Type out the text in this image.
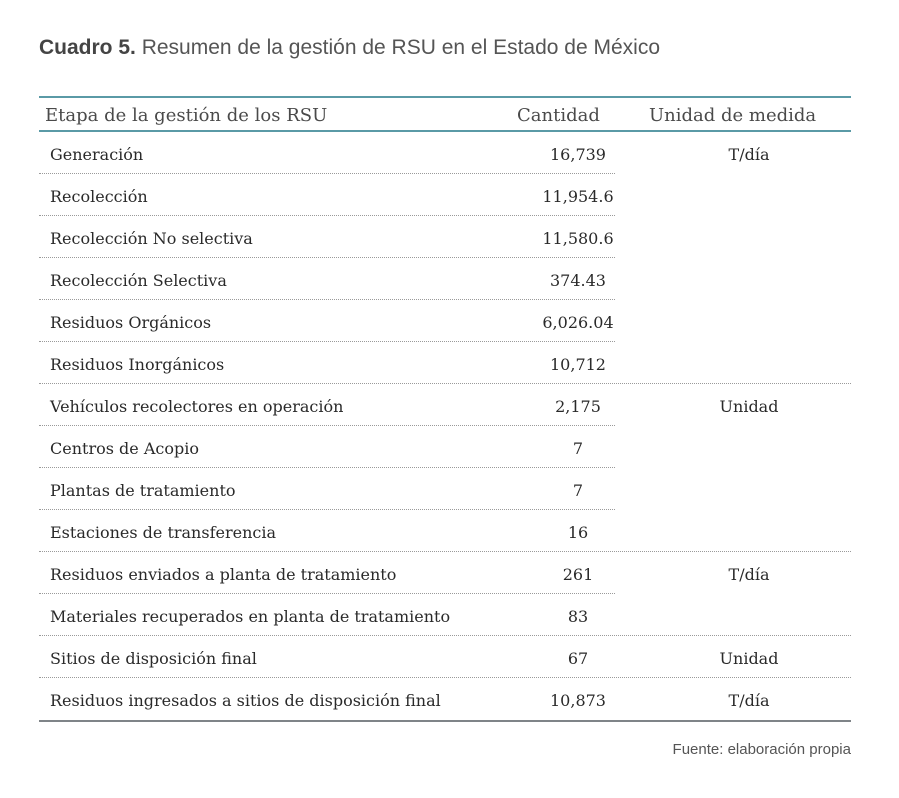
Cuadro 5. Resumen de la gestión de RSU en el Estado de México
Etapa de la gestión de los RSU	Cantidad	Unidad de medida
Generación	16,739	T/día
Recolección	11,954.6
Recolección No selectiva	11,580.6
Recolección Selectiva	374.43
Residuos Orgánicos	6,026.04
Residuos Inorgánicos	10,712
Vehículos recolectores en operación	2,175	Unidad
Centros de Acopio	7
Plantas de tratamiento	7
Estaciones de transferencia	16
Residuos enviados a planta de tratamiento	261	T/día
Materiales recuperados en planta de tratamiento	83
Sitios de disposición final	67	Unidad
Residuos ingresados a sitios de disposición final	10,873	T/día

Fuente: elaboración propia
